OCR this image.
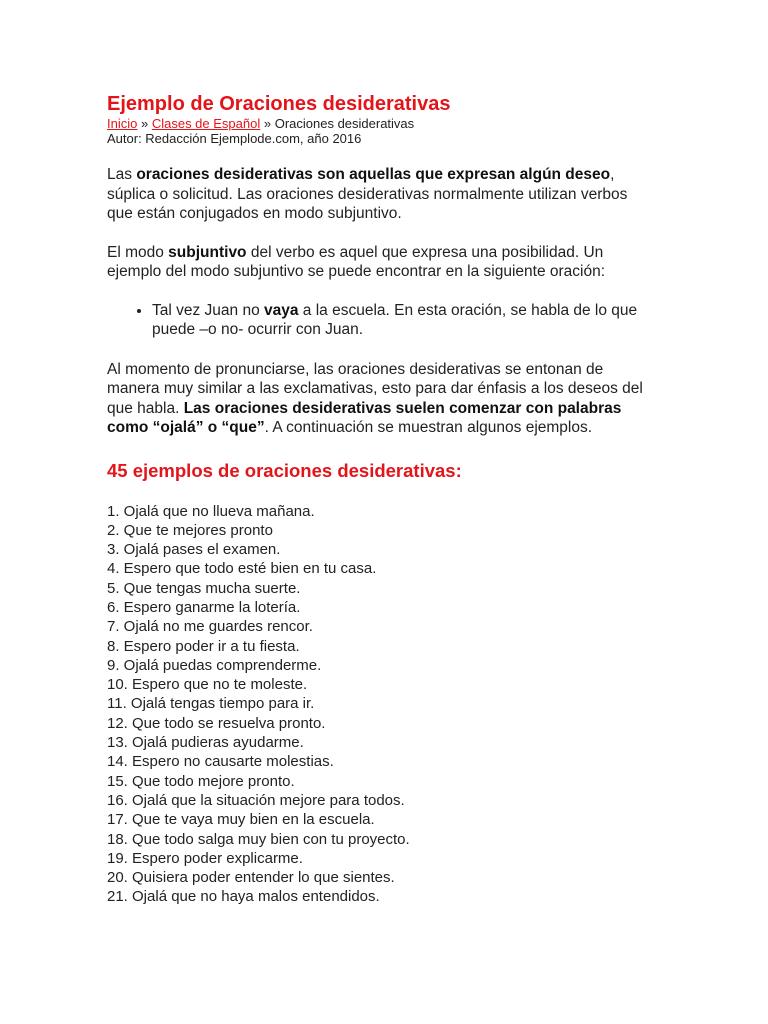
Ejemplo de Oraciones desiderativas
Inicio » Clases de Español » Oraciones desiderativas
Autor: Redacción Ejemplode.com, año 2016

Las oraciones desiderativas son aquellas que expresan algún deseo, súplica o solicitud. Las oraciones desiderativas normalmente utilizan verbos que están conjugados en modo subjuntivo.

El modo subjuntivo del verbo es aquel que expresa una posibilidad. Un ejemplo del modo subjuntivo se puede encontrar en la siguiente oración:

• Tal vez Juan no vaya a la escuela. En esta oración, se habla de lo que puede –o no- ocurrir con Juan.

Al momento de pronunciarse, las oraciones desiderativas se entonan de manera muy similar a las exclamativas, esto para dar énfasis a los deseos del que habla. Las oraciones desiderativas suelen comenzar con palabras como “ojalá” o “que”. A continuación se muestran algunos ejemplos.

45 ejemplos de oraciones desiderativas:
1. Ojalá que no llueva mañana.
2. Que te mejores pronto
3. Ojalá pases el examen.
4. Espero que todo esté bien en tu casa.
5. Que tengas mucha suerte.
6. Espero ganarme la lotería.
7. Ojalá no me guardes rencor.
8. Espero poder ir a tu fiesta.
9. Ojalá puedas comprenderme.
10. Espero que no te moleste.
11. Ojalá tengas tiempo para ir.
12. Que todo se resuelva pronto.
13. Ojalá pudieras ayudarme.
14. Espero no causarte molestias.
15. Que todo mejore pronto.
16. Ojalá que la situación mejore para todos.
17. Que te vaya muy bien en la escuela.
18. Que todo salga muy bien con tu proyecto.
19. Espero poder explicarme.
20. Quisiera poder entender lo que sientes.
21. Ojalá que no haya malos entendidos.
